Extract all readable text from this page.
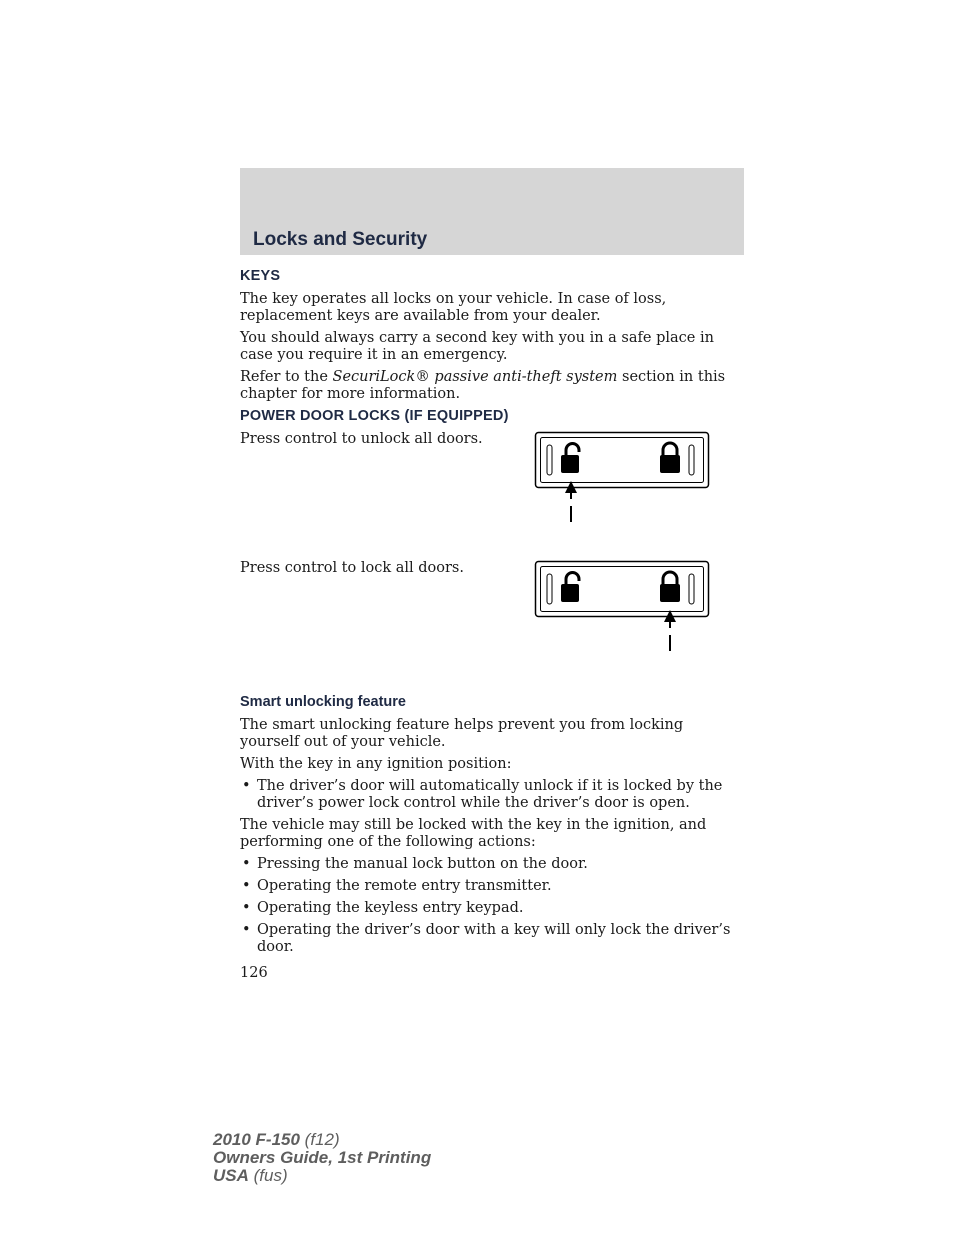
Locks and Security
KEYS

The key operates all locks on your vehicle. In case of loss, replacement keys are available from your dealer.

You should always carry a second key with you in a safe place in case you require it in an emergency.

Refer to the SecuriLock® passive anti-theft system section in this chapter for more information.

POWER DOOR LOCKS (IF EQUIPPED)

Press control to unlock all doors.

Press control to lock all doors.

Smart unlocking feature

The smart unlocking feature helps prevent you from locking yourself out of your vehicle.

With the key in any ignition position:

• The driver’s door will automatically unlock if it is locked by the driver’s power lock control while the driver’s door is open.

The vehicle may still be locked with the key in the ignition, and performing one of the following actions:

• Pressing the manual lock button on the door.
• Operating the remote entry transmitter.
• Operating the keyless entry keypad.
• Operating the driver’s door with a key will only lock the driver’s door.
126
2010 F-150 (f12)
Owners Guide, 1st Printing
USA (fus)
